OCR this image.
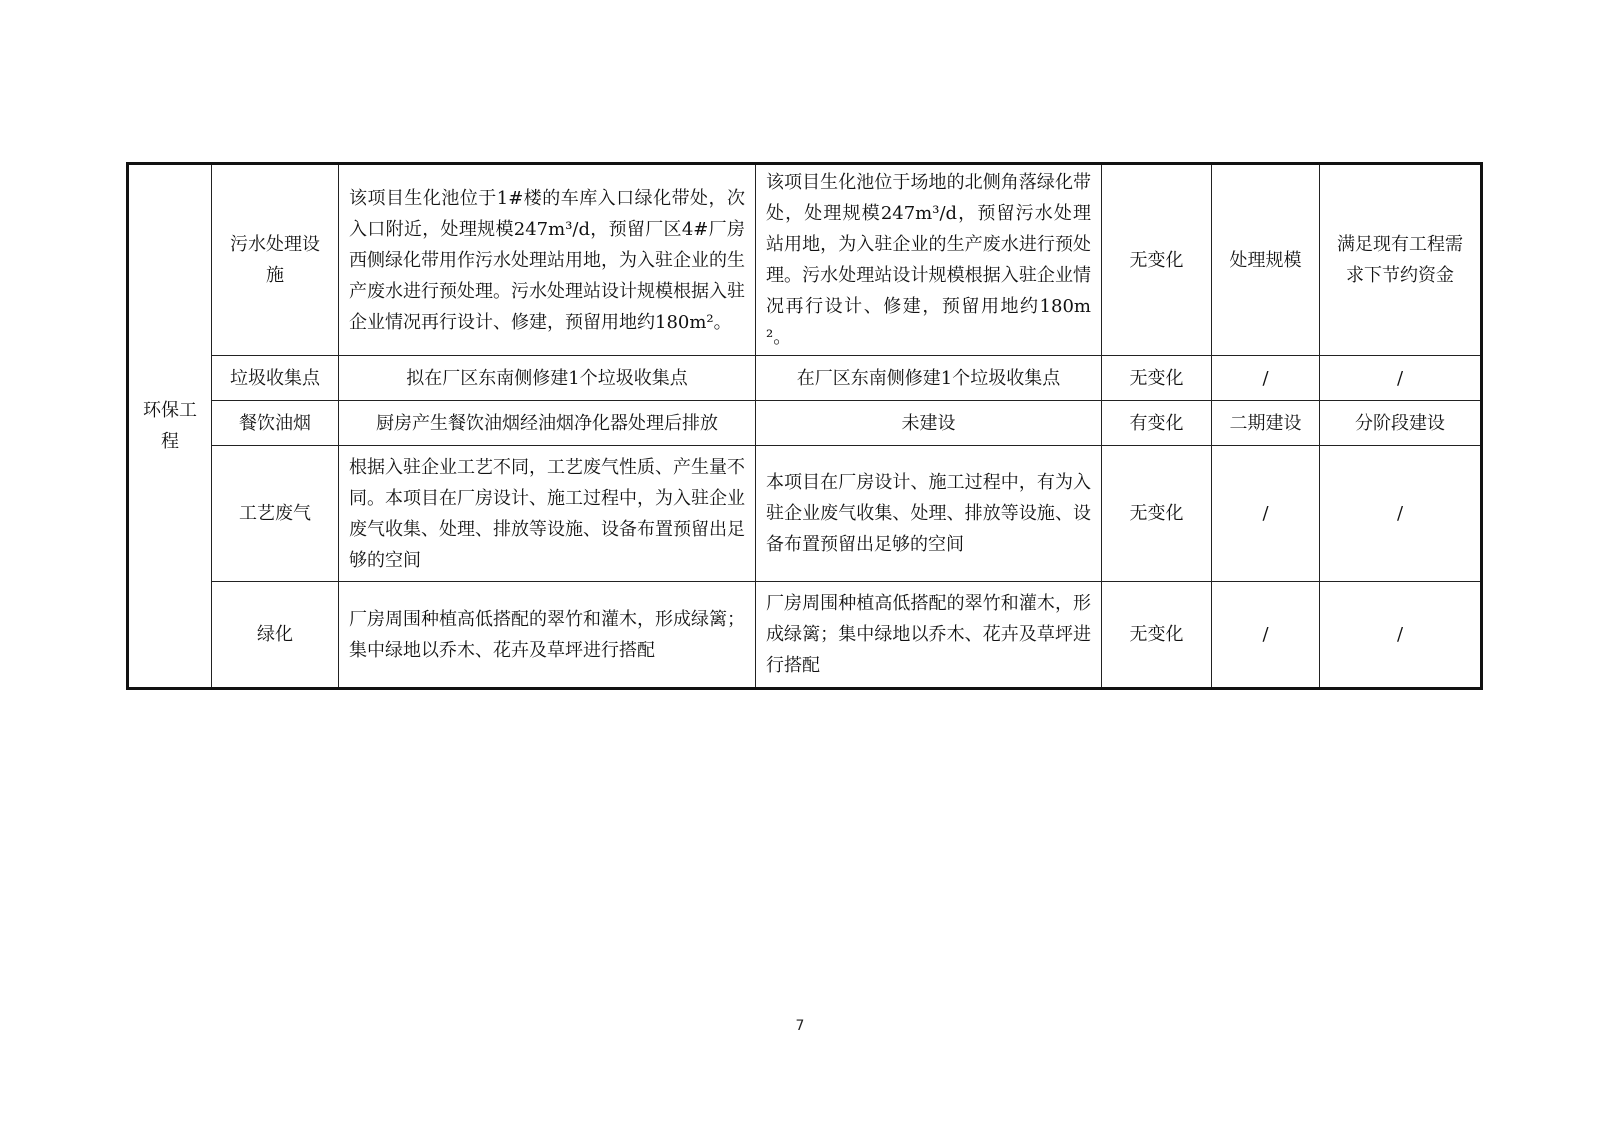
环保工程	污水处理设施	该项目生化池位于1#楼的车库入口绿化带处，次入口附近，处理规模247m³/d，预留厂区4#厂房西侧绿化带用作污水处理站用地，为入驻企业的生产废水进行预处理。污水处理站设计规模根据入驻企业情况再行设计、修建，预留用地约180m²。	该项目生化池位于场地的北侧角落绿化带处，处理规模247m³/d，预留污水处理站用地，为入驻企业的生产废水进行预处理。污水处理站设计规模根据入驻企业情况再行设计、修建，预留用地约180m²。	无变化	处理规模	满足现有工程需求下节约资金
	垃圾收集点	拟在厂区东南侧修建1个垃圾收集点	在厂区东南侧修建1个垃圾收集点	无变化	/	/
	餐饮油烟	厨房产生餐饮油烟经油烟净化器处理后排放	未建设	有变化	二期建设	分阶段建设
	工艺废气	根据入驻企业工艺不同，工艺废气性质、产生量不同。本项目在厂房设计、施工过程中，为入驻企业废气收集、处理、排放等设施、设备布置预留出足够的空间	本项目在厂房设计、施工过程中，有为入驻企业废气收集、处理、排放等设施、设备布置预留出足够的空间	无变化	/	/
	绿化	厂房周围种植高低搭配的翠竹和灌木，形成绿篱；集中绿地以乔木、花卉及草坪进行搭配	厂房周围种植高低搭配的翠竹和灌木，形成绿篱；集中绿地以乔木、花卉及草坪进行搭配	无变化	/	/
7
